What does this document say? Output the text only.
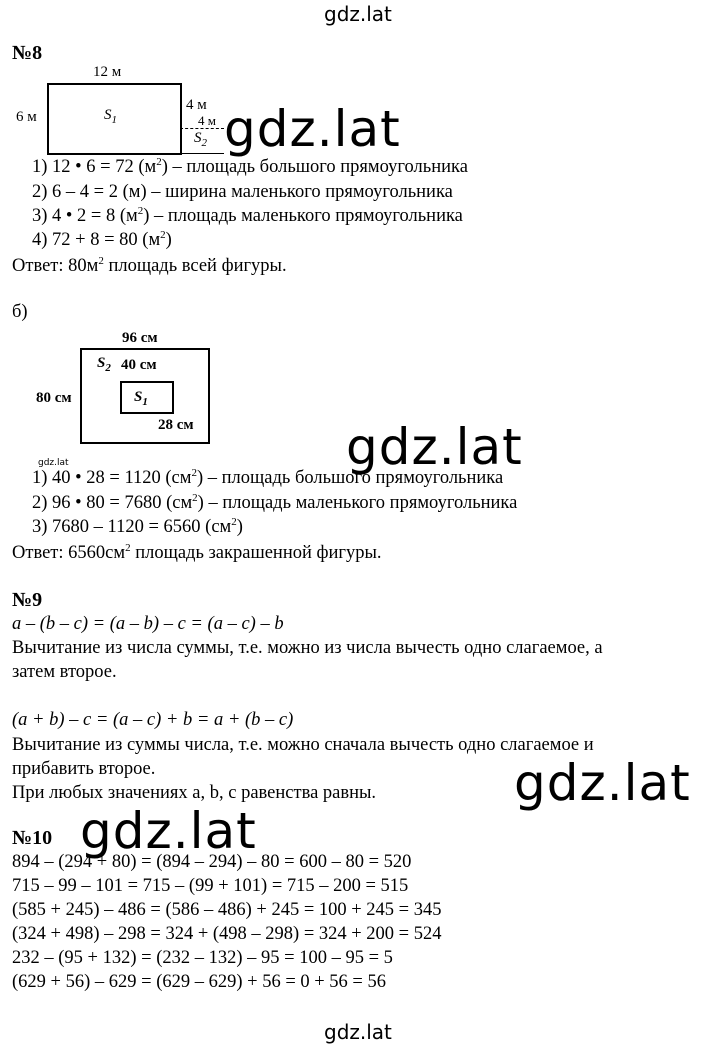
gdz.lat
№8
12 м
6 м	$S_1$
4 м
4 м
$S_2$
1) 12 • 6 = 72 $(м^2)$ – площадь большого прямоугольника
2) 6 – 4 = 2 (м) – ширина маленького прямоугольника
3) 4 • 2 = 8 $(м^2)$ – площадь маленького прямоугольника
4) 72 + 8 = 80 $(м^2)$
Ответ: $80м^2$ площадь всей фигуры.
б)
96 см
80 см
$S_2$ 40 см
$S_1$
28 см
gdz.lat
1) 40 • 28 = 1120 $(см^2)$ – площадь большого прямоугольника
2) 96 • 80 = 7680 $(см^2)$ – площадь маленького прямоугольника
3) 7680 – 1120 = 6560 $(см^2)$
Ответ: $6560см^2$ площадь закрашенной фигуры.
№9
a – (b – c) = (a – b) – c = (a – c) – b
Вычитание из числа суммы, т.е. можно из числа вычесть одно слагаемое, а
затем второе.
(a + b) – c = (a – c) + b = a + (b – c)
Вычитание из суммы числа, т.е. можно сначала вычесть одно слагаемое и
прибавить второе.
При любых значениях a, b, c равенства равны.
№10
894 – (294 + 80) = (894 – 294) – 80 = 600 – 80 = 520
715 – 99 – 101 = 715 – (99 + 101) = 715 – 200 = 515
(585 + 245) – 486 = (586 – 486) + 245 = 100 + 245 = 345
(324 + 498) – 298 = 324 + (498 – 298) = 324 + 200 = 524
232 – (95 + 132) = (232 – 132) – 95 = 100 – 95 = 5
(629 + 56) – 629 = (629 – 629) + 56 = 0 + 56 = 56
gdz.lat
gdz.lat
gdz.lat
gdz.lat
gdz.lat
